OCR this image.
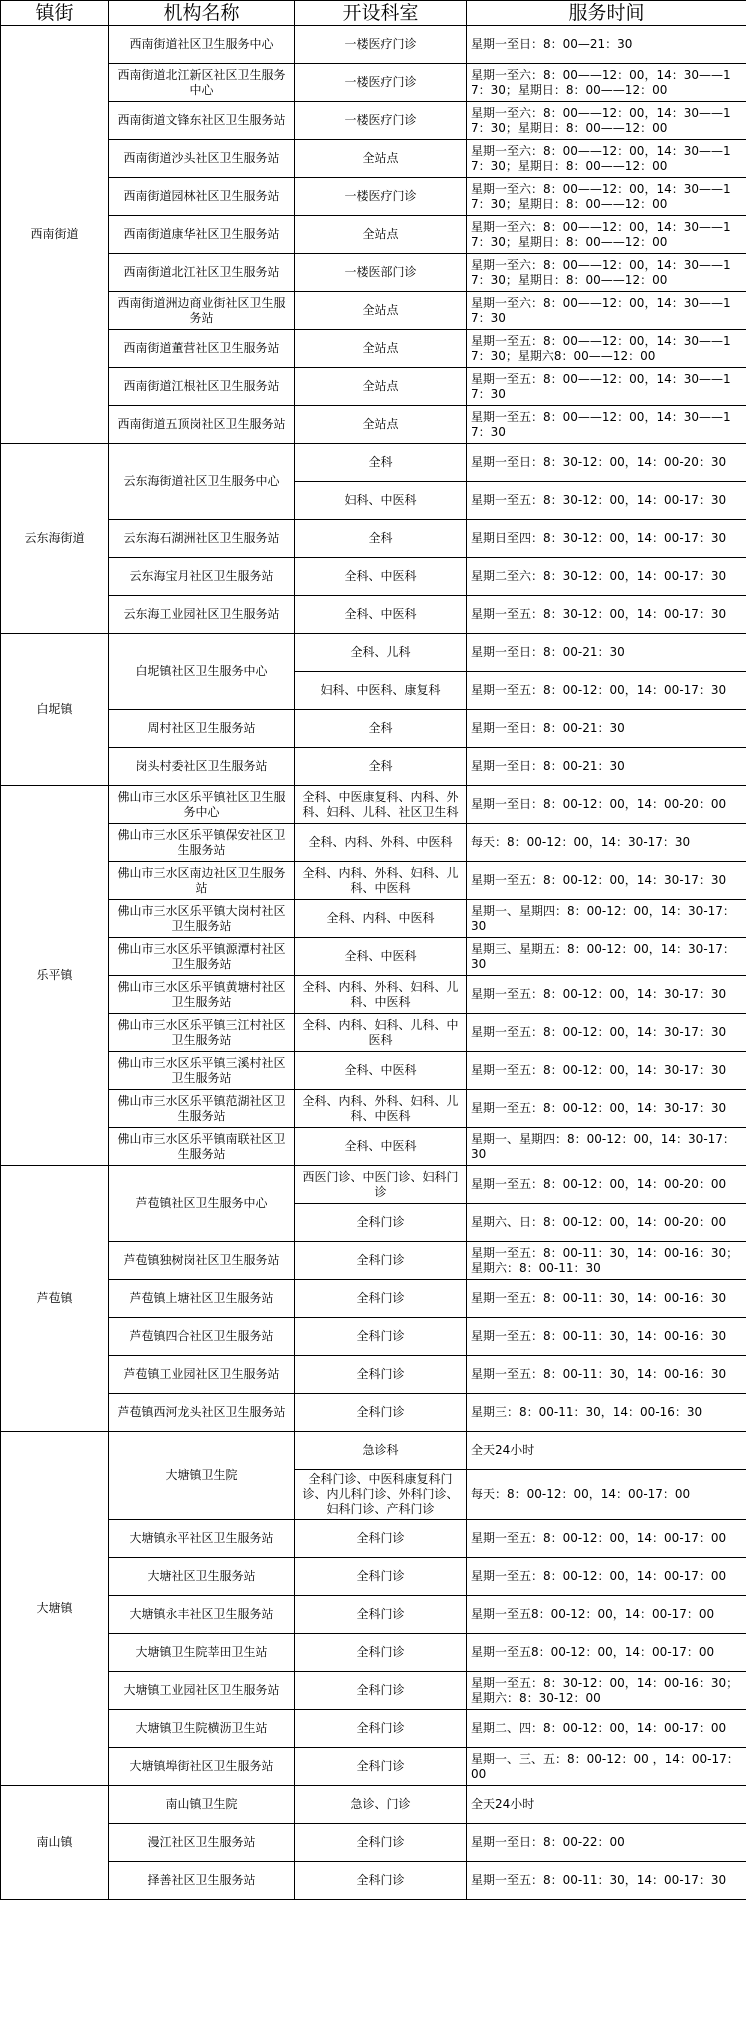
镇街	机构名称	开设科室	服务时间
西南街道	西南街道社区卫生服务中心	一楼医疗门诊	星期一至日：8：00—21：30
	西南街道北江新区社区卫生服务中心	一楼医疗门诊	星期一至六：8：00——12：00，14：30——17：30；星期日：8：00——12：00
	西南街道文锋东社区卫生服务站	一楼医疗门诊	星期一至六：8：00——12：00，14：30——17：30；星期日：8：00——12：00
	西南街道沙头社区卫生服务站	全站点	星期一至六：8：00——12：00，14：30——17：30；星期日：8：00——12：00
	西南街道园林社区卫生服务站	一楼医疗门诊	星期一至六：8：00——12：00，14：30——17：30；星期日：8：00——12：00
	西南街道康华社区卫生服务站	全站点	星期一至六：8：00——12：00，14：30——17：30；星期日：8：00——12：00
	西南街道北江社区卫生服务站	一楼医部门诊	星期一至六：8：00——12：00，14：30——17：30；星期日：8：00——12：00
	西南街道洲边商业街社区卫生服务站	全站点	星期一至六：8：00——12：00，14：30——17：30
	西南街道董营社区卫生服务站	全站点	星期一至五：8：00——12：00，14：30——17：30；星期六8：00——12：00
	西南街道江根社区卫生服务站	全站点	星期一至五：8：00——12：00，14：30——17：30
	西南街道五顶岗社区卫生服务站	全站点	星期一至五：8：00——12：00，14：30——17：30
云东海街道	云东海街道社区卫生服务中心	全科	星期一至日：8：30-12：00，14：00-20：30
		妇科、中医科	星期一至五：8：30-12：00，14：00-17：30
	云东海石湖洲社区卫生服务站	全科	星期日至四：8：30-12：00，14：00-17：30
	云东海宝月社区卫生服务站	全科、中医科	星期二至六：8：30-12：00，14：00-17：30
	云东海工业园社区卫生服务站	全科、中医科	星期一至五：8：30-12：00，14：00-17：30
白坭镇	白坭镇社区卫生服务中心	全科、儿科	星期一至日：8：00-21：30
		妇科、中医科、康复科	星期一至五：8：00-12：00，14：00-17：30
	周村社区卫生服务站	全科	星期一至日：8：00-21：30
	岗头村委社区卫生服务站	全科	星期一至日：8：00-21：30
乐平镇	佛山市三水区乐平镇社区卫生服务中心	全科、中医康复科、内科、外科、妇科、儿科、社区卫生科	星期一至日：8：00-12：00，14：00-20：00
	佛山市三水区乐平镇保安社区卫生服务站	全科、内科、外科、中医科	每天：8：00-12：00，14：30-17：30
	佛山市三水区南边社区卫生服务站	全科、内科、外科、妇科、儿科、中医科	星期一至五：8：00-12：00，14：30-17：30
	佛山市三水区乐平镇大岗村社区卫生服务站	全科、内科、中医科	星期一、星期四：8：00-12：00，14：30-17：30
	佛山市三水区乐平镇源潭村社区卫生服务站	全科、中医科	星期三、星期五：8：00-12：00，14：30-17：30
	佛山市三水区乐平镇黄塘村社区卫生服务站	全科、内科、外科、妇科、儿科、中医科	星期一至五：8：00-12：00，14：30-17：30
	佛山市三水区乐平镇三江村社区卫生服务站	全科、内科、妇科、儿科、中医科	星期一至五：8：00-12：00，14：30-17：30
	佛山市三水区乐平镇三溪村社区卫生服务站	全科、中医科	星期一至五：8：00-12：00，14：30-17：30
	佛山市三水区乐平镇范湖社区卫生服务站	全科、内科、外科、妇科、儿科、中医科	星期一至五：8：00-12：00，14：30-17：30
	佛山市三水区乐平镇南联社区卫生服务站	全科、中医科	星期一、星期四：8：00-12：00，14：30-17：30
芦苞镇	芦苞镇社区卫生服务中心	西医门诊、中医门诊、妇科门诊	星期一至五：8：00-12：00，14：00-20：00
		全科门诊	星期六、日：8：00-12：00，14：00-20：00
	芦苞镇独树岗社区卫生服务站	全科门诊	星期一至五：8：00-11：30，14：00-16：30；星期六：8：00-11：30
	芦苞镇上塘社区卫生服务站	全科门诊	星期一至五：8：00-11：30，14：00-16：30
	芦苞镇四合社区卫生服务站	全科门诊	星期一至五：8：00-11：30，14：00-16：30
	芦苞镇工业园社区卫生服务站	全科门诊	星期一至五：8：00-11：30，14：00-16：30
	芦苞镇西河龙头社区卫生服务站	全科门诊	星期三：8：00-11：30，14：00-16：30
大塘镇	大塘镇卫生院	急诊科	全天24小时
		全科门诊、中医科康复科门诊、内儿科门诊、外科门诊、妇科门诊、产科门诊	每天：8：00-12：00，14：00-17：00
	大塘镇永平社区卫生服务站	全科门诊	星期一至五：8：00-12：00，14：00-17：00
	大塘社区卫生服务站	全科门诊	星期一至五：8：00-12：00，14：00-17：00
	大塘镇永丰社区卫生服务站	全科门诊	星期一至五8：00-12：00，14：00-17：00
	大塘镇卫生院莘田卫生站	全科门诊	星期一至五8：00-12：00，14：00-17：00
	大塘镇工业园社区卫生服务站	全科门诊	星期一至五：8：30-12：00，14：00-16：30；星期六：8：30-12：00
	大塘镇卫生院横沥卫生站	全科门诊	星期二、四：8：00-12：00，14：00-17：00
	大塘镇埠街社区卫生服务站	全科门诊	星期一、三、五：8：00-12：00 ，14：00-17：00
南山镇	南山镇卫生院	急诊、门诊	全天24小时
	漫江社区卫生服务站	全科门诊	星期一至日：8：00-22：00
	择善社区卫生服务站	全科门诊	星期一至五：8：00-11：30，14：00-17：30
